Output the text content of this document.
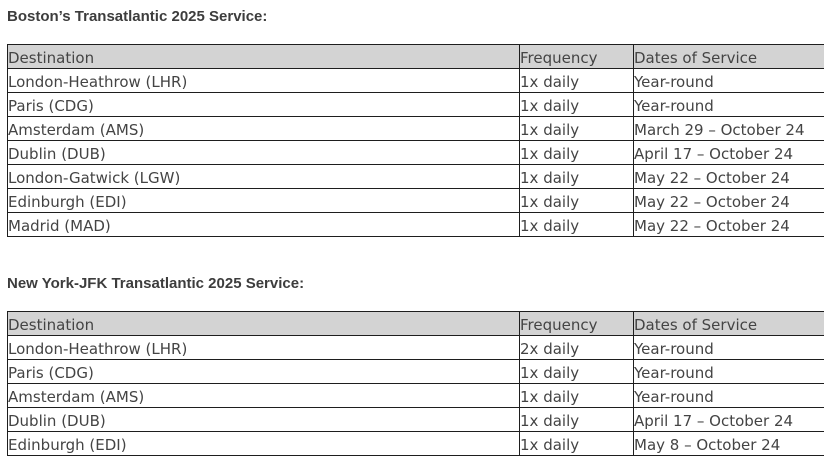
Boston’s Transatlantic 2025 Service:
Destination	Frequency	Dates of Service
London-Heathrow (LHR)	1x daily	Year-round
Paris (CDG)	1x daily	Year-round
Amsterdam (AMS)	1x daily	March 29 – October 24
Dublin (DUB)	1x daily	April 17 – October 24
London-Gatwick (LGW)	1x daily	May 22 – October 24
Edinburgh (EDI)	1x daily	May 22 – October 24
Madrid (MAD)	1x daily	May 22 – October 24
New York-JFK Transatlantic 2025 Service:
Destination	Frequency	Dates of Service
London-Heathrow (LHR)	2x daily	Year-round
Paris (CDG)	1x daily	Year-round
Amsterdam (AMS)	1x daily	Year-round
Dublin (DUB)	1x daily	April 17 – October 24
Edinburgh (EDI)	1x daily	May 8 – October 24
